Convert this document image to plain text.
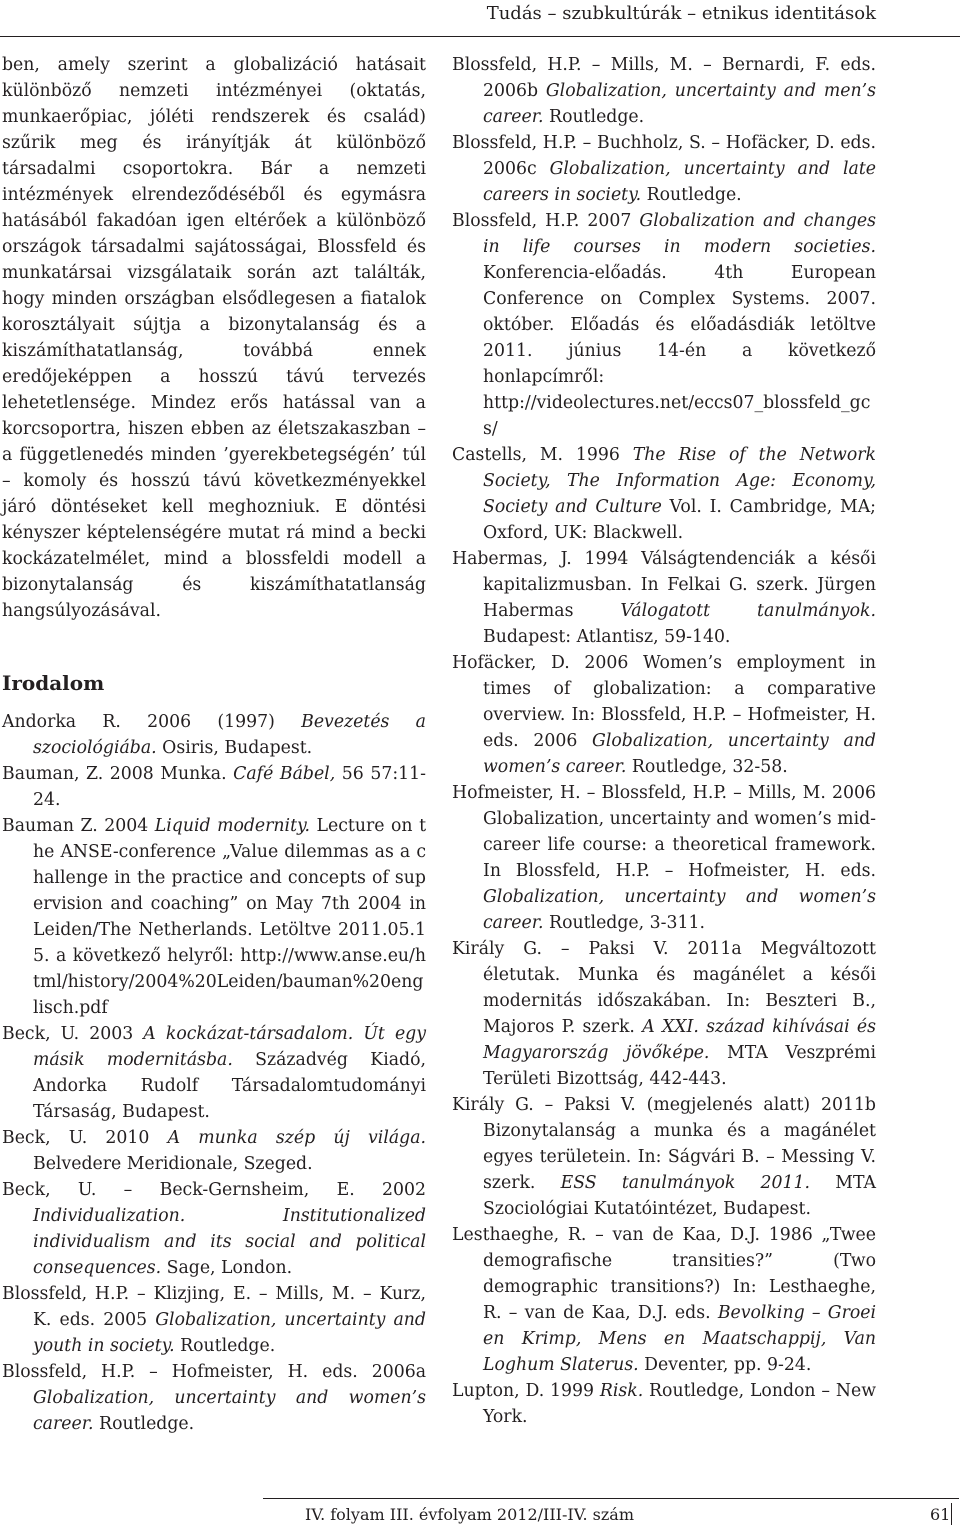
Tudás – szubkultúrák – etnikus identitások

ben, amely szerint a globalizáció hatásait különböző nemzeti intézményei (oktatás, munkaerőpiac, jóléti rendszerek és család) szűrik meg és irányítják át különböző társadalmi csoportokra. Bár a nemzeti intézmények elrendeződéséből és egymásra hatásából fakadóan igen eltérőek a különböző országok társadalmi sajátosságai, Blossfeld és munkatársai vizsgálataik során azt találták, hogy minden országban elsődlegesen a fiatalok korosztályait sújtja a bizonytalanság és a kiszámíthatatlanság, továbbá ennek eredőjeképpen a hosszú távú tervezés lehetetlensége. Mindez erős hatással van a korcsoportra, hiszen ebben az életszakaszban – a függetlenedés minden ’gyerekbetegségén’ túl – komoly és hosszú távú következményekkel járó döntéseket kell meghozniuk. E döntési kényszer képtelenségére mutat rá mind a becki kockázatelmélet, mind a blossfeldi modell a bizonytalanság és kiszámíthatatlanság hangsúlyozásával.

Irodalom

Andorka R. 2006 (1997) Bevezetés a szociológiába. Osiris, Budapest.

Bauman, Z. 2008 Munka. Café Bábel, 56 57:11-24.

Bauman Z. 2004 Liquid modernity. Lecture on the ANSE-conference „Value dilemmas as a challenge in the practice and concepts of supervision and coaching” on May 7th 2004 in Leiden/The Netherlands. Letöltve 2011.05.15. a következő helyről: http://www.anse.eu/html/history/2004%20Leiden/bauman%20englisch.pdf

Beck, U. 2003 A kockázat-társadalom. Út egy másik modernitásba. Századvég Kiadó, Andorka Rudolf Társadalomtudományi Társaság, Budapest.

Beck, U. 2010 A munka szép új világa. Belvedere Meridionale, Szeged.

Beck, U. – Beck-Gernsheim, E. 2002 Individualization. Institutionalized individualism and its social and political consequences. Sage, London.

Blossfeld, H.P. – Klizjing, E. – Mills, M. – Kurz, K. eds. 2005 Globalization, uncertainty and youth in society. Routledge.

Blossfeld, H.P. – Hofmeister, H. eds. 2006a Globalization, uncertainty and women’s career. Routledge.

Blossfeld, H.P. – Mills, M. – Bernardi, F. eds. 2006b Globalization, uncertainty and men’s career. Routledge.

Blossfeld, H.P. – Buchholz, S. – Hofäcker, D. eds. 2006c Globalization, uncertainty and late careers in society. Routledge.

Blossfeld, H.P. 2007 Globalization and changes in life courses in modern societies. Konferencia-előadás. 4th European Conference on Complex Systems. 2007. október. Előadás és előadásdiák letöltve 2011. június 14-én a következő honlapcímről: http://videolectures.net/eccs07_blossfeld_gcs/

Castells, M. 1996 The Rise of the Network Society, The Information Age: Economy, Society and Culture Vol. I. Cambridge, MA; Oxford, UK: Blackwell.

Habermas, J. 1994 Válságtendenciák a késői kapitalizmusban. In Felkai G. szerk. Jürgen Habermas Válogatott tanulmányok. Budapest: Atlantisz, 59-140.

Hofäcker, D. 2006 Women’s employment in times of globalization: a comparative overview. In: Blossfeld, H.P. – Hofmeister, H. eds. 2006 Globalization, uncertainty and women’s career. Routledge, 32-58.

Hofmeister, H. – Blossfeld, H.P. – Mills, M. 2006 Globalization, uncertainty and women’s mid-career life course: a theoretical framework. In Blossfeld, H.P. – Hofmeister, H. eds. Globalization, uncertainty and women’s career. Routledge, 3-311.

Király G. – Paksi V. 2011a Megváltozott életutak. Munka és magánélet a késői modernitás időszakában. In: Beszteri B., Majoros P. szerk. A XXI. század kihívásai és Magyarország jövőképe. MTA Veszprémi Területi Bizottság, 442-443.

Király G. – Paksi V. (megjelenés alatt) 2011b Bizonytalanság a munka és a magánélet egyes területein. In: Ságvári B. – Messing V. szerk. ESS tanulmányok 2011. MTA Szociológiai Kutatóintézet, Budapest.

Lesthaeghe, R. – van de Kaa, D.J. 1986 „Twee demografische transities?” (Two demographic transitions?) In: Lesthaeghe, R. – van de Kaa, D.J. eds. Bevolking – Groei en Krimp, Mens en Maatschappij, Van Loghum Slaterus. Deventer, pp. 9-24.

Lupton, D. 1999 Risk. Routledge, London – New York.

IV. folyam III. évfolyam 2012/III-IV. szám	61
